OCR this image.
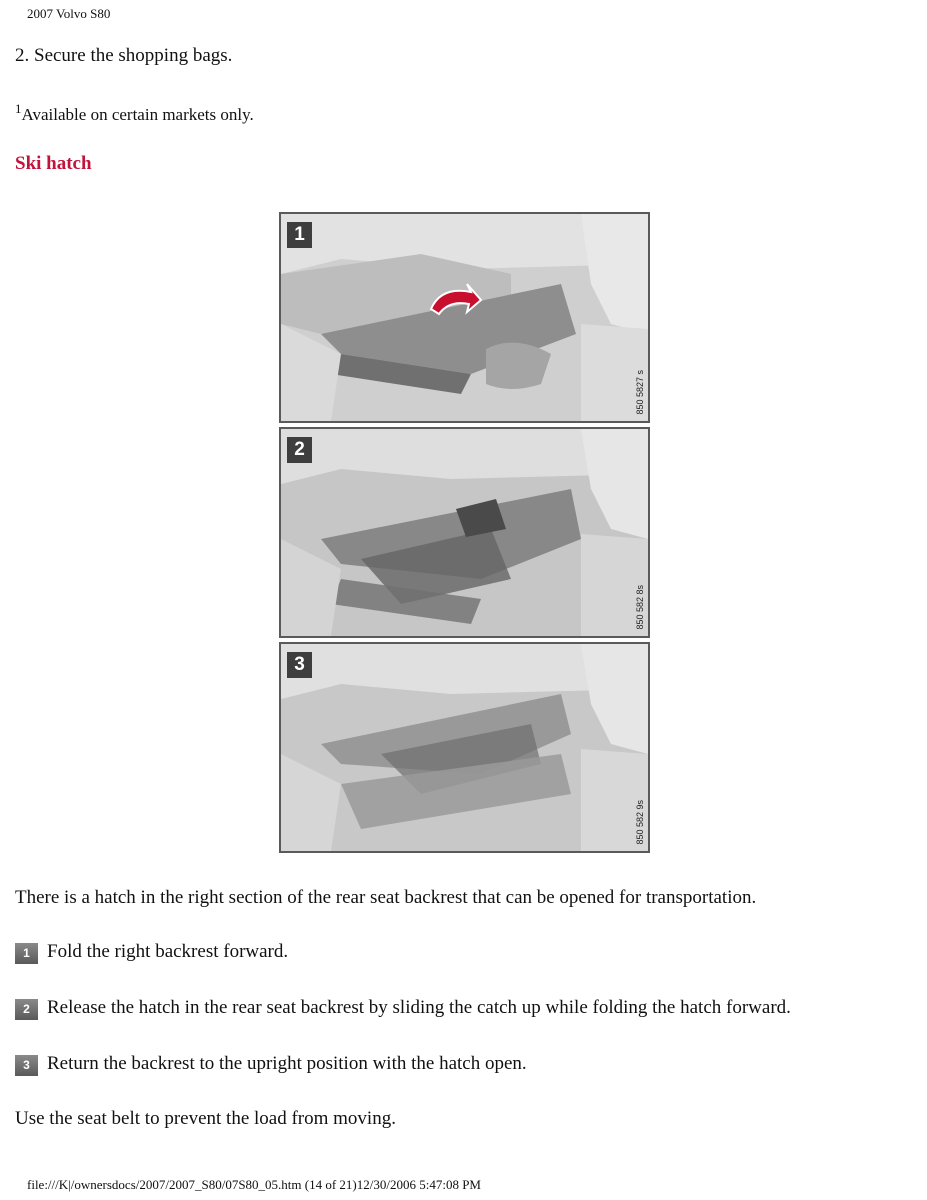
2007 Volvo S80

2. Secure the shopping bags.

$^1$Available on certain markets only.

Ski hatch
1
850 5827 s
2
850 582 8s
3
850 582 9s

There is a hatch in the right section of the rear seat backrest that can be opened for transportation.

1 Fold the right backrest forward.
2 Release the hatch in the rear seat backrest by sliding the catch up while folding the hatch forward.
3 Return the backrest to the upright position with the hatch open.

Use the seat belt to prevent the load from moving.

file:///K|/ownersdocs/2007/2007_S80/07S80_05.htm (14 of 21)12/30/2006 5:47:08 PM
